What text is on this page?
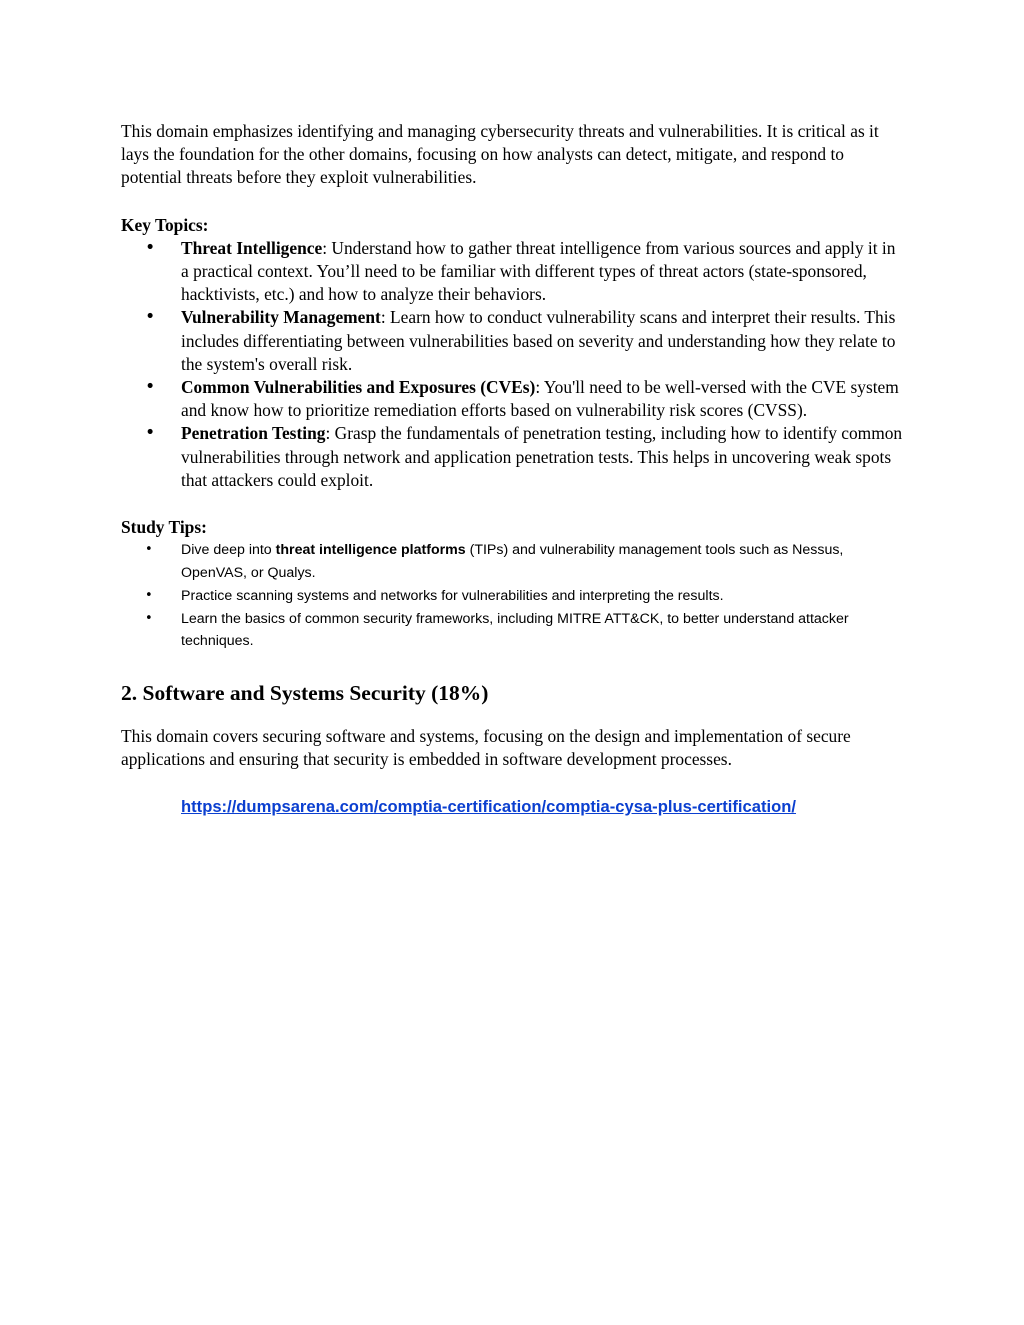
This domain emphasizes identifying and managing cybersecurity threats and vulnerabilities. It is critical as it lays the foundation for the other domains, focusing on how analysts can detect, mitigate, and respond to potential threats before they exploit vulnerabilities.

Key Topics:

• Threat Intelligence: Understand how to gather threat intelligence from various sources and apply it in a practical context. You’ll need to be familiar with different types of threat actors (state-sponsored, hacktivists, etc.) and how to analyze their behaviors.
• Vulnerability Management: Learn how to conduct vulnerability scans and interpret their results. This includes differentiating between vulnerabilities based on severity and understanding how they relate to the system's overall risk.
• Common Vulnerabilities and Exposures (CVEs): You'll need to be well-versed with the CVE system and know how to prioritize remediation efforts based on vulnerability risk scores (CVSS).
• Penetration Testing: Grasp the fundamentals of penetration testing, including how to identify common vulnerabilities through network and application penetration tests. This helps in uncovering weak spots that attackers could exploit.

Study Tips:

• Dive deep into threat intelligence platforms (TIPs) and vulnerability management tools such as Nessus, OpenVAS, or Qualys.
• Practice scanning systems and networks for vulnerabilities and interpreting the results.
• Learn the basics of common security frameworks, including MITRE ATT&CK, to better understand attacker techniques.

2. Software and Systems Security (18%)

This domain covers securing software and systems, focusing on the design and implementation of secure applications and ensuring that security is embedded in software development processes.

https://dumpsarena.com/comptia-certification/comptia-cysa-plus-certification/
